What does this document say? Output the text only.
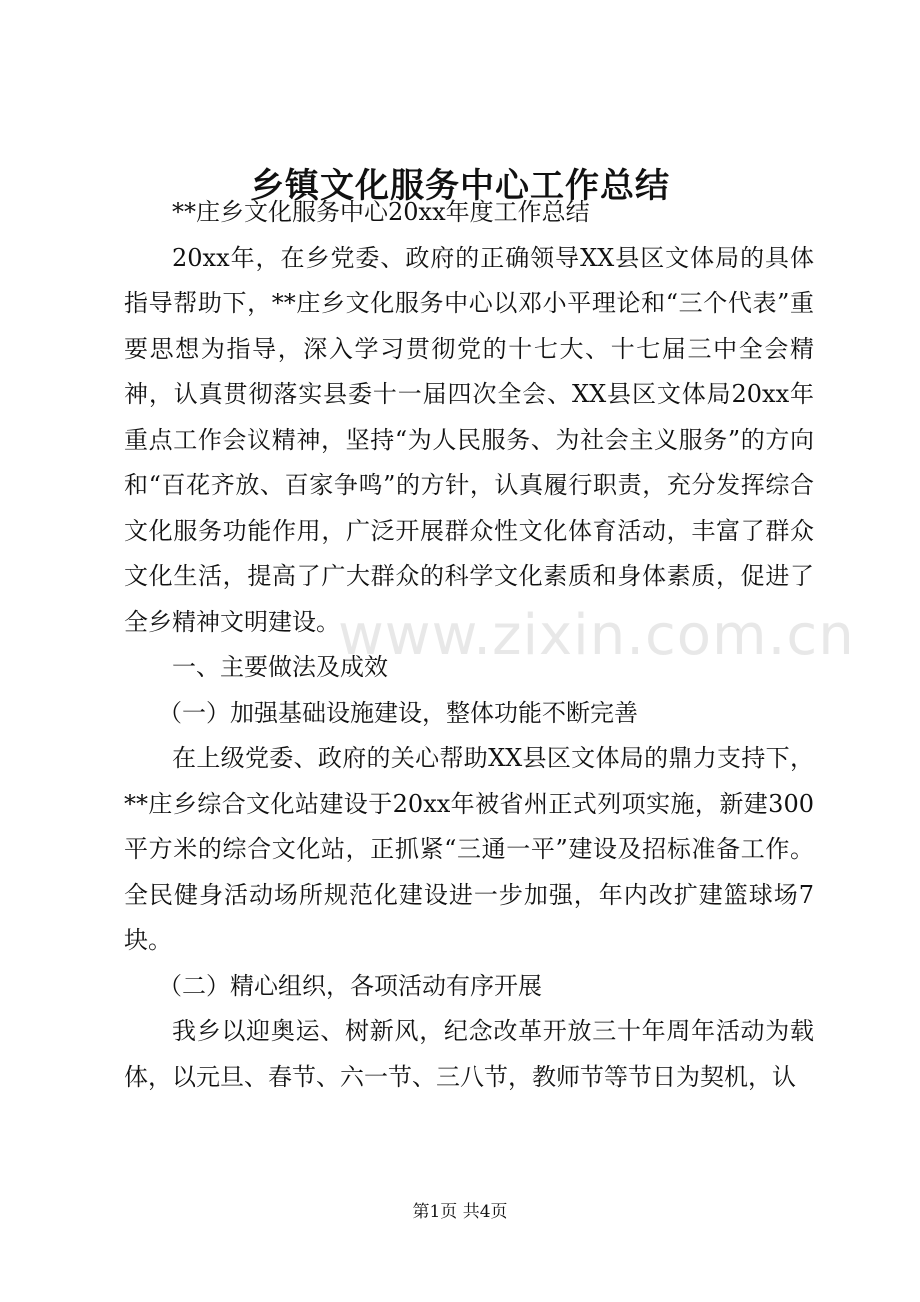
乡镇文化服务中心工作总结

**庄乡文化服务中心20xx年度工作总结

20xx年，在乡党委、政府的正确领导XX县区文体局的具体指导帮助下，**庄乡文化服务中心以邓小平理论和“三个代表”重要思想为指导，深入学习贯彻党的十七大、十七届三中全会精神，认真贯彻落实县委十一届四次全会、XX县区文体局20xx年重点工作会议精神，坚持“为人民服务、为社会主义服务”的方向和“百花齐放、百家争鸣”的方针，认真履行职责，充分发挥综合文化服务功能作用，广泛开展群众性文化体育活动，丰富了群众文化生活，提高了广大群众的科学文化素质和身体素质，促进了全乡精神文明建设。

一、主要做法及成效

（一）加强基础设施建设，整体功能不断完善

在上级党委、政府的关心帮助XX县区文体局的鼎力支持下，**庄乡综合文化站建设于20xx年被省州正式列项实施，新建300平方米的综合文化站，正抓紧“三通一平”建设及招标准备工作。全民健身活动场所规范化建设进一步加强，年内改扩建篮球场7块。

（二）精心组织，各项活动有序开展

我乡以迎奥运、树新风，纪念改革开放三十年周年活动为载体，以元旦、春节、六一节、三八节，教师节等节日为契机，认

www.zixin.com.cn
第1页 共4页
